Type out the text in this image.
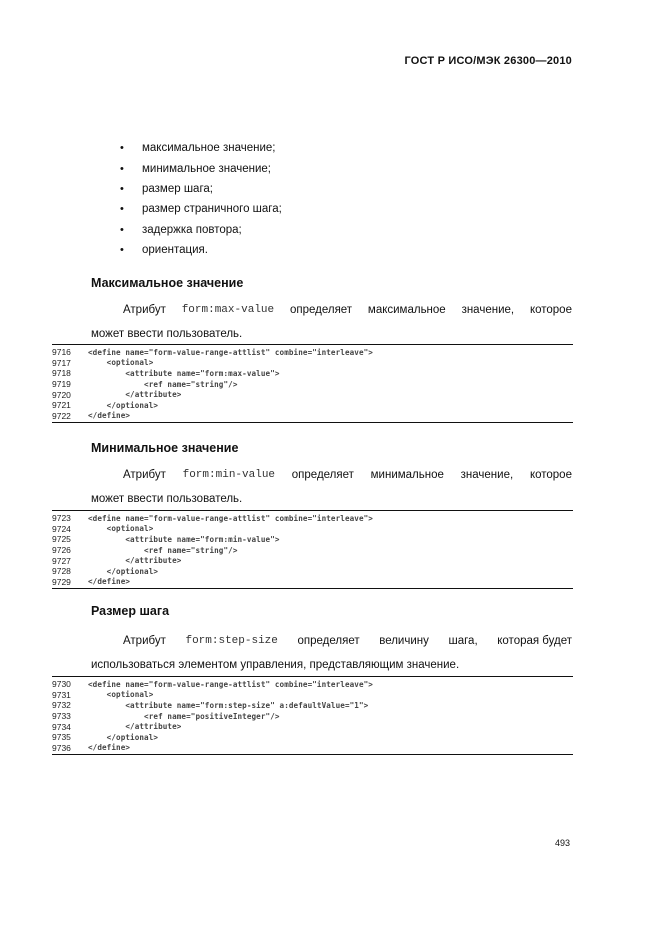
ГОСТ Р ИСО/МЭК 26300—2010
•	максимальное значение;
•	минимальное значение;
•	размер шага;
•	размер страничного шага;
•	задержка повтора;
•	ориентация.
Максимальное значение
Атрибут form:max-value определяет максимальное значение, которое
может ввести пользователь.
9716	<define name="form-value-range-attlist" combine="interleave">
9717	<optional>
9718	<attribute name="form:max-value">
9719	<ref name="string"/>
9720	</attribute>
9721	</optional>
9722	</define>
Минимальное значение
Атрибут form:min-value определяет минимальное значение, которое
может ввести пользователь.
9723	<define name="form-value-range-attlist" combine="interleave">
9724	<optional>
9725	<attribute name="form:min-value">
9726	<ref name="string"/>
9727	</attribute>
9728	</optional>
9729	</define>
Размер шага
Атрибут form:step-size определяет величину шага, которая будет
использоваться элементом управления, представляющим значение.
9730	<define name="form-value-range-attlist" combine="interleave">
9731	<optional>
9732	<attribute name="form:step-size" a:defaultValue="1">
9733	<ref name="positiveInteger"/>
9734	</attribute>
9735	</optional>
9736	</define>
493
